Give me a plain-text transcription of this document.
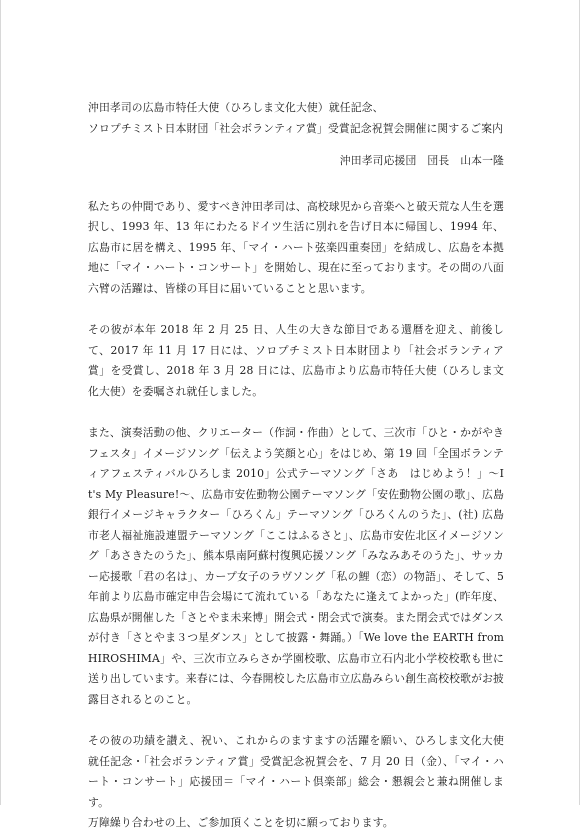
沖田孝司の広島市特任大使（ひろしま文化大使）就任記念、
ソロプチミスト日本財団「社会ボランティア賞」受賞記念祝賀会開催に関するご案内
沖田孝司応援団　団長　山本一隆

私たちの仲間であり、愛すべき沖田孝司は、高校球児から音楽へと破天荒な人生を選択し、1993 年、13 年にわたるドイツ生活に別れを告げ日本に帰国し、1994 年、広島市に居を構え、1995 年、「マイ・ハート弦楽四重奏団」を結成し、広島を本拠地に「マイ・ハート・コンサート」を開始し、現在に至っております。その間の八面六臂の活躍は、皆様の耳目に届いていることと思います。

その彼が本年 2018 年 2 月 25 日、人生の大きな節目である還暦を迎え、前後して、2017 年 11 月 17 日には、ソロプチミスト日本財団より「社会ボランティア賞」を受賞し、2018 年 3 月 28 日には、広島市より広島市特任大使（ひろしま文化大使）を委嘱され就任しました。

また、演奏活動の他、クリエーター（作詞・作曲）として、三次市「ひと・かがやきフェスタ」イメージソング「伝えよう笑顔と心」をはじめ、第 19 回「全国ボランティアフェスティバルひろしま 2010」公式テーマソング「さあ　はじめよう！」～It's My Pleasure!～、広島市安佐動物公園テーマソング「安佐動物公園の歌」、広島銀行イメージキャラクター「ひろくん」テーマソング「ひろくんのうた」、(社) 広島市老人福祉施設連盟テーマソング「ここはふるさと」、広島市安佐北区イメージソング「あさきたのうた」、熊本県南阿蘇村復興応援ソング「みなみあそのうた」、サッカー応援歌「君の名は」、カープ女子のラヴソング「私の鯉（恋）の物語」、そして、5 年前より広島市確定申告会場にて流れている「あなたに逢えてよかった」(昨年度、広島県が開催した「さとやま未来博」開会式・閉会式で演奏。また閉会式ではダンスが付き「さとやま３つ星ダンス」として披露・舞踊。）「We love the EARTH from HIROSHIMA」や、三次市立みらさか学園校歌、広島市立石内北小学校校歌も世に送り出しています。来春には、今春開校した広島市立広島みらい創生高校校歌がお披露目されるとのこと。

その彼の功績を讃え、祝い、これからのますますの活躍を願い、ひろしま文化大使就任記念・「社会ボランティア賞」受賞記念祝賀会を、7 月 20 日（金）、「マイ・ハート・コンサート」応援団＝「マイ・ハート倶楽部」総会・懇親会と兼ね開催します。

万障繰り合わせの上、ご参加頂くことを切に願っております。
